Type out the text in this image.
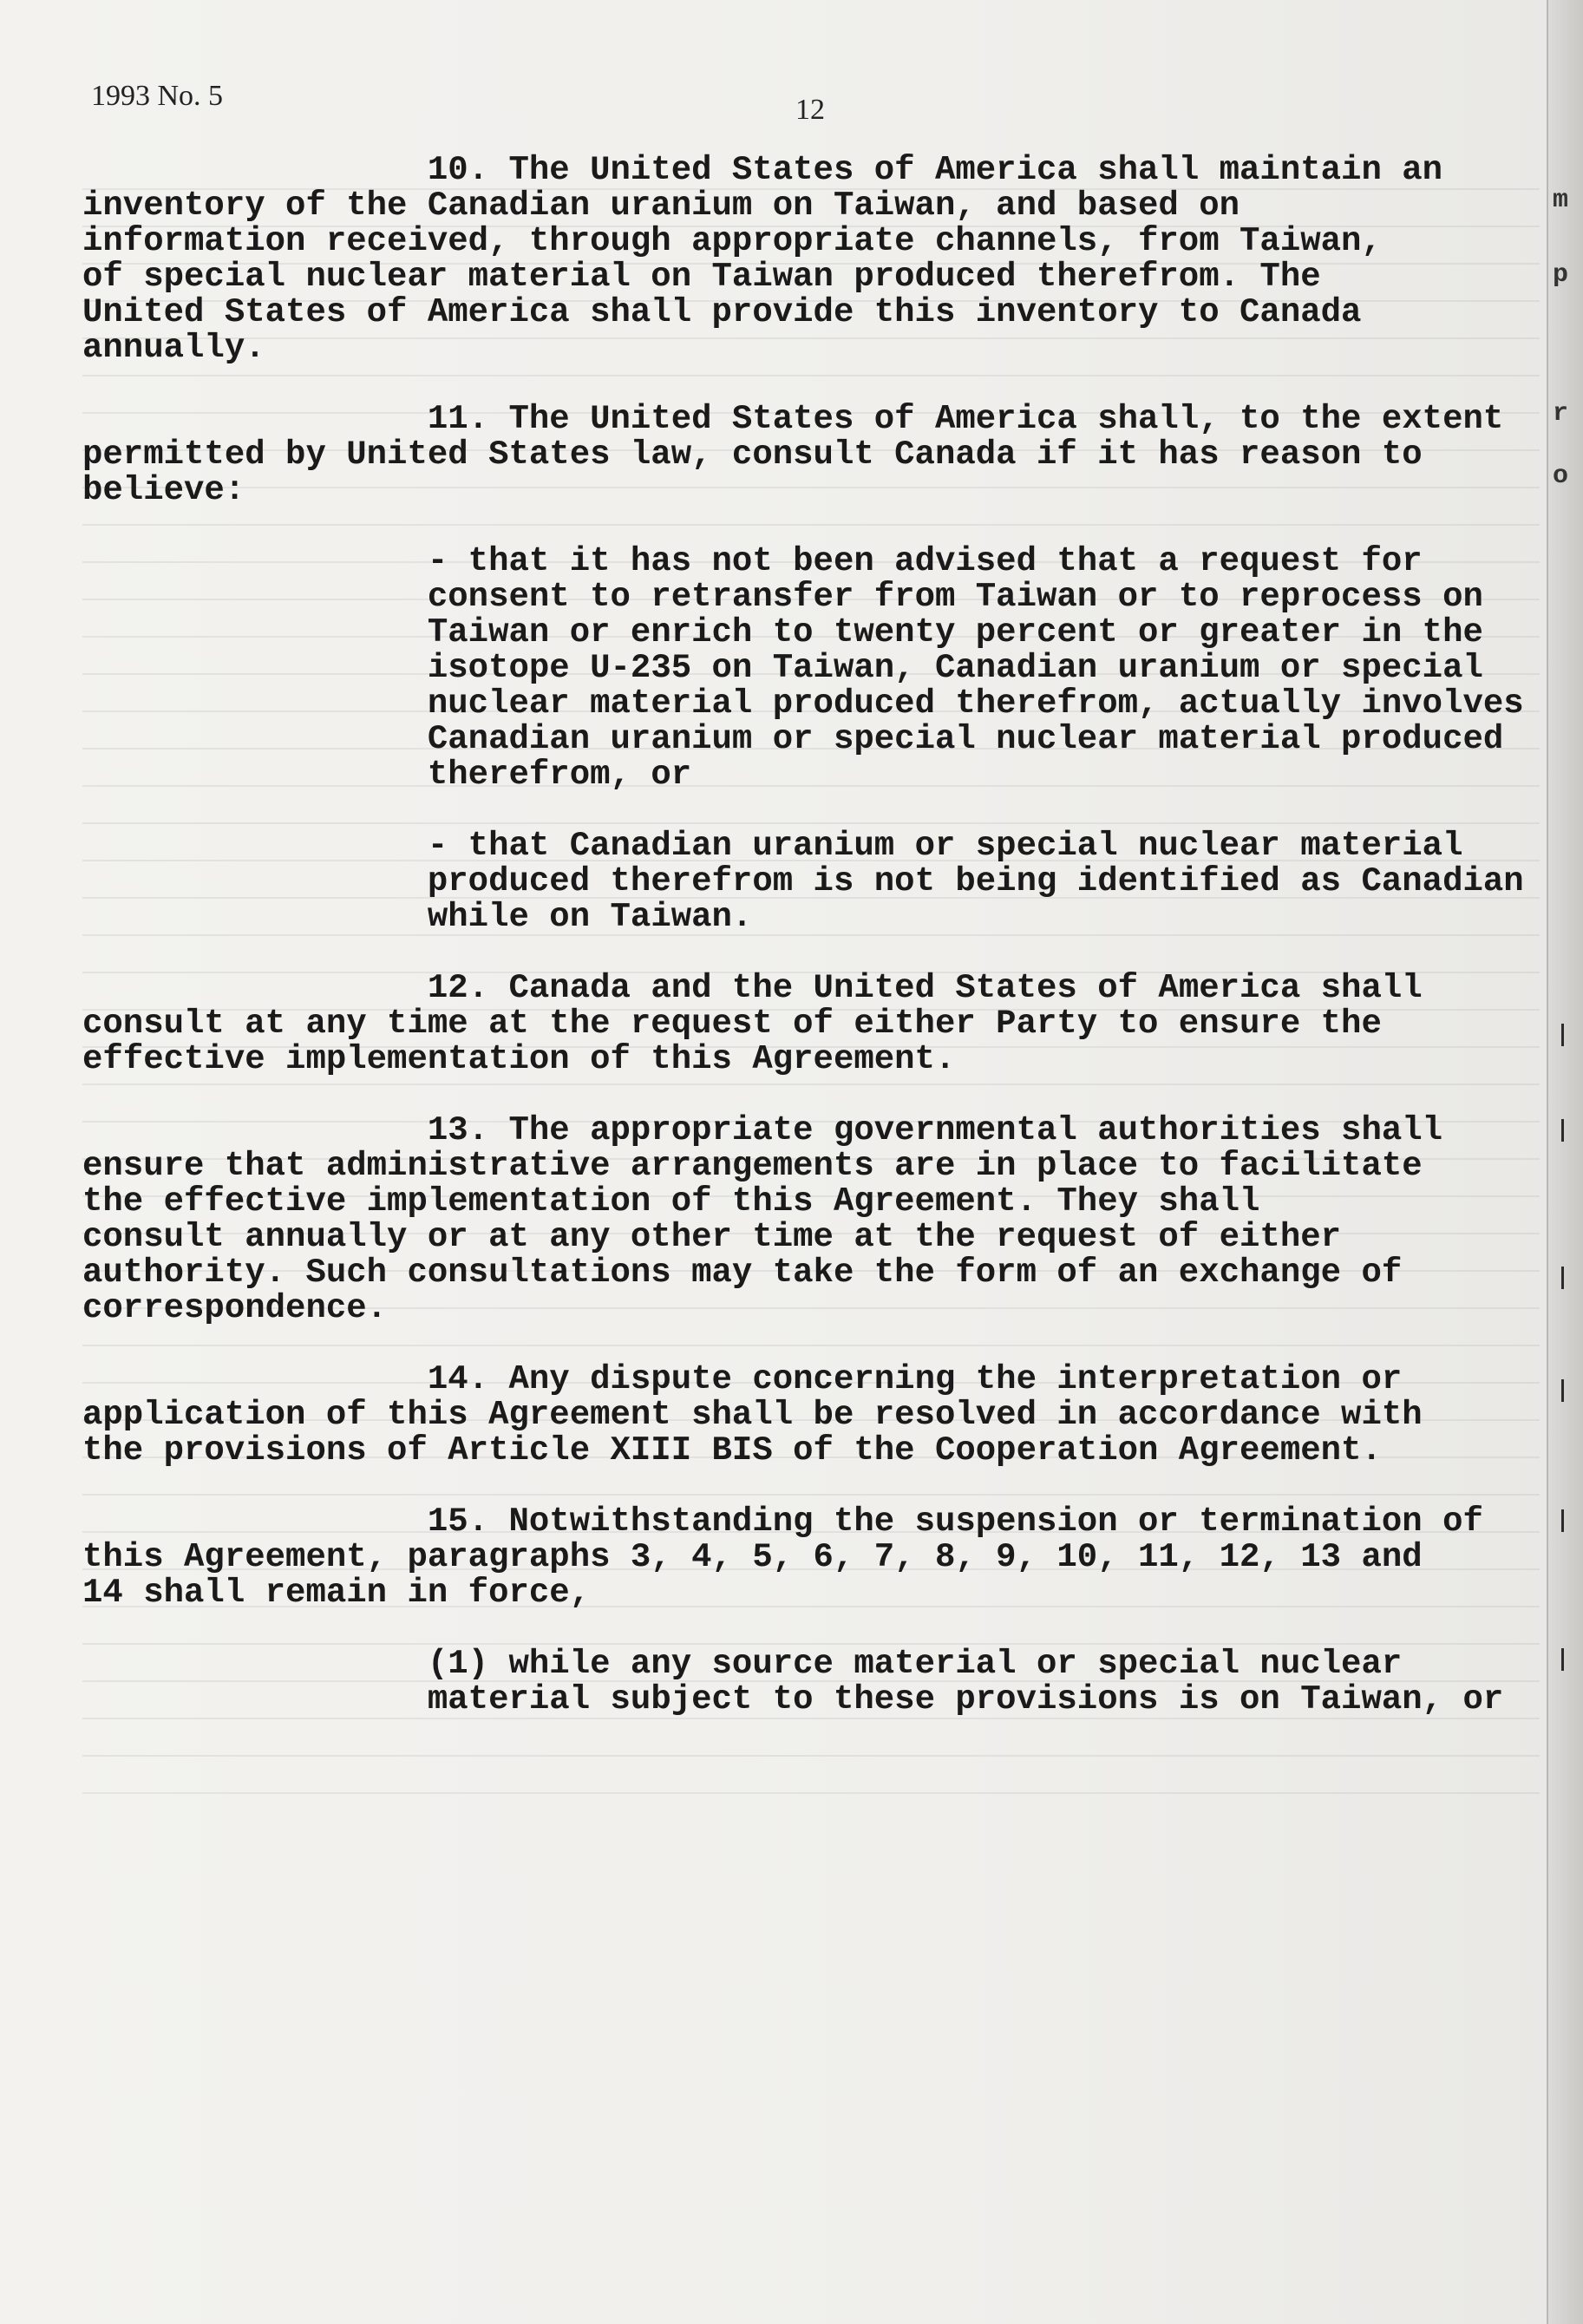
1993 No. 5	12
10. The United States of America shall maintain an
inventory of the Canadian uranium on Taiwan, and based on
information received, through appropriate channels, from Taiwan,
of special nuclear material on Taiwan produced therefrom. The
United States of America shall provide this inventory to Canada
annually.
11. The United States of America shall, to the extent
permitted by United States law, consult Canada if it has reason to
believe:
- that it has not been advised that a request for
consent to retransfer from Taiwan or to reprocess on
Taiwan or enrich to twenty percent or greater in the
isotope U-235 on Taiwan, Canadian uranium or special
nuclear material produced therefrom, actually involves
Canadian uranium or special nuclear material produced
therefrom, or
- that Canadian uranium or special nuclear material
produced therefrom is not being identified as Canadian
while on Taiwan.
12. Canada and the United States of America shall
consult at any time at the request of either Party to ensure the
effective implementation of this Agreement.
13. The appropriate governmental authorities shall
ensure that administrative arrangements are in place to facilitate
the effective implementation of this Agreement. They shall
consult annually or at any other time at the request of either
authority. Such consultations may take the form of an exchange of
correspondence.
14. Any dispute concerning the interpretation or
application of this Agreement shall be resolved in accordance with
the provisions of Article XIII BIS of the Cooperation Agreement.
15. Notwithstanding the suspension or termination of
this Agreement, paragraphs 3, 4, 5, 6, 7, 8, 9, 10, 11, 12, 13 and
14 shall remain in force,
(1) while any source material or special nuclear
material subject to these provisions is on Taiwan, or
m
p
r
o
